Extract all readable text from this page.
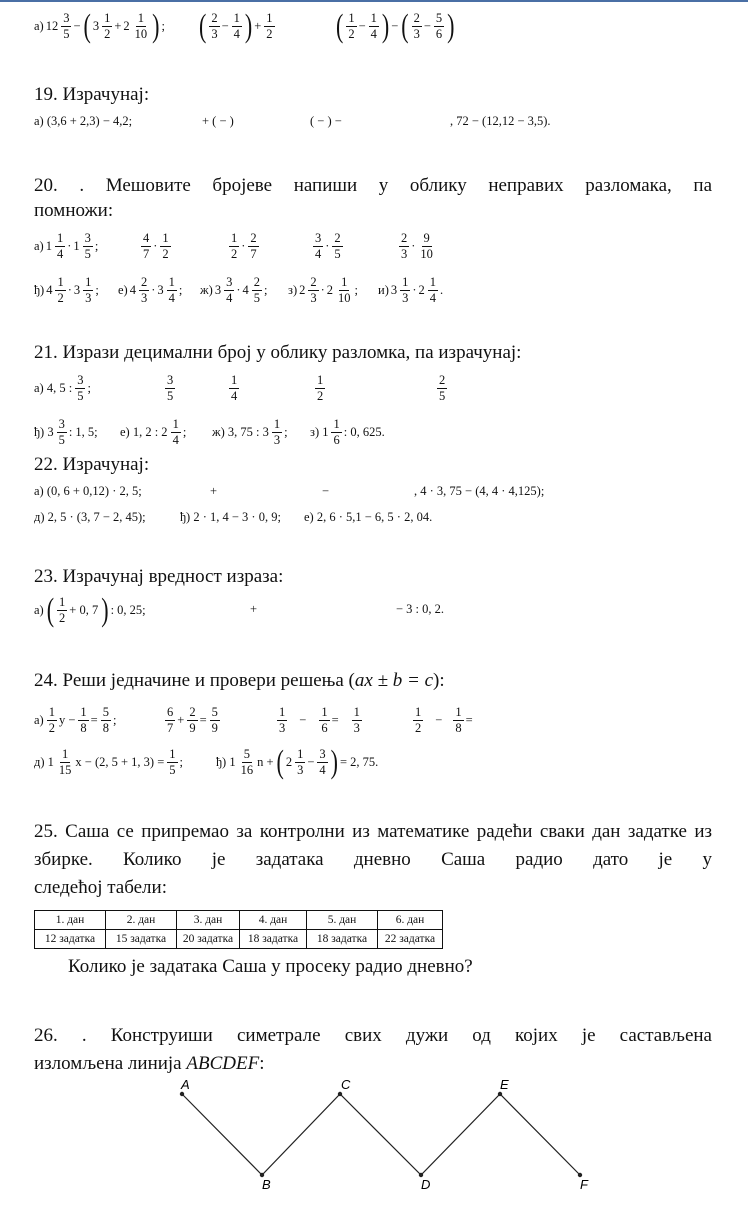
а) $12 \frac{3}{5}$ − ( $3 \frac{1}{2} + 2 \frac{1}{10}$ ) ; ( $\frac{2}{3} - \frac{1}{4}$ ) + $\frac{1}{2}$	( $\frac{1}{2} - \frac{1}{4}$ ) − ( $\frac{2}{3} - \frac{5}{6}$ )
19. Израчунај:
а) (3,6 + 2,3) − 4,2;	+ ( − )	( − ) −	, 72 − (12,12 − 3,5).
20. . Мешовите бројеве напиши у облику неправих разломака, па
помножи:
а) $1 \frac{1}{4} \cdot 1 \frac{3}{5}$ ;	$\frac{4}{7} \cdot \frac{1}{2}$	$\frac{1}{2} \cdot \frac{2}{7}$	$\frac{3}{4} \cdot \frac{2}{5}$	$\frac{2}{3} \cdot \frac{9}{10}$
ђ) $4 \frac{1}{2} \cdot 3 \frac{1}{3}$ ; е) $4 \frac{2}{3} \cdot 3 \frac{1}{4}$ ; ж) $3 \frac{3}{4} \cdot 4 \frac{2}{5}$ ; з) $2 \frac{2}{3} \cdot 2 \frac{1}{10}$ ; и) $3 \frac{1}{3} \cdot 2 \frac{1}{4}$ .
21. Изрази децимални број у облику разломка, па израчунај:
а) 4, 5 : $\frac{3}{5}$ ;	$\frac{3}{5}$	$\frac{1}{4}$	$\frac{1}{2}$	$\frac{2}{5}$
ђ) $3 \frac{3}{5}$ : 1, 5; е) 1, 2 : $2 \frac{1}{4}$ ; ж) 3, 75 : $3 \frac{1}{3}$ ; з) $1 \frac{1}{6}$ : 0, 625.
22. Израчунај:
а) (0, 6 + 0,12) · 2, 5;	+	−	, 4 · 3, 75 − (4, 4 · 4,125);
д) 2, 5 · (3, 7 − 2, 45);	ђ) 2 · 1, 4 − 3 · 0, 9; е) 2, 6 · 5,1 − 6, 5 · 2, 04.
23. Израчунај вредност израза:
а) ( $\frac{1}{2} + 0$, 7 ) : 0, 25;	+	− 3 : 0, 2.
24. Реши једначине и провери решења (ax ± b = c):
$а) \frac{1}{2}$ $y - \frac{1}{8} = \frac{5}{8}$ ;	$\frac{6}{7} + \frac{2}{9} = \frac{5}{9}$	$\frac{1}{3} - \frac{1}{6} = \frac{1}{3}$	$\frac{1}{2} - \frac{1}{8}$ =
д) $1 \frac{1}{15}$ x − (2, 5 + 1, $3) = \frac{1}{5}$ ;	ђ) $1 \frac{5}{16}$ n + ( $2 \frac{1}{3} - \frac{3}{4}$ ) = 2, 75.
25. Саша се припремао за контролни из математике радећи сваки дан задатке из збирке. Колико је задатака дневно Саша радио дато је у
следећој табели:
1. дан	2. дан	3. дан	4. дан	5. дан	6. дан
12 задатка	15 задатка	20 задатка	18 задатка	18 задатка	22 задатка
Колико је задатака Саша у просеку радио дневно?
26. . Конструиши симетрале свих дужи од којих је састављена
изломљена линија ABCDEF:
A
B
C
D
E
F
